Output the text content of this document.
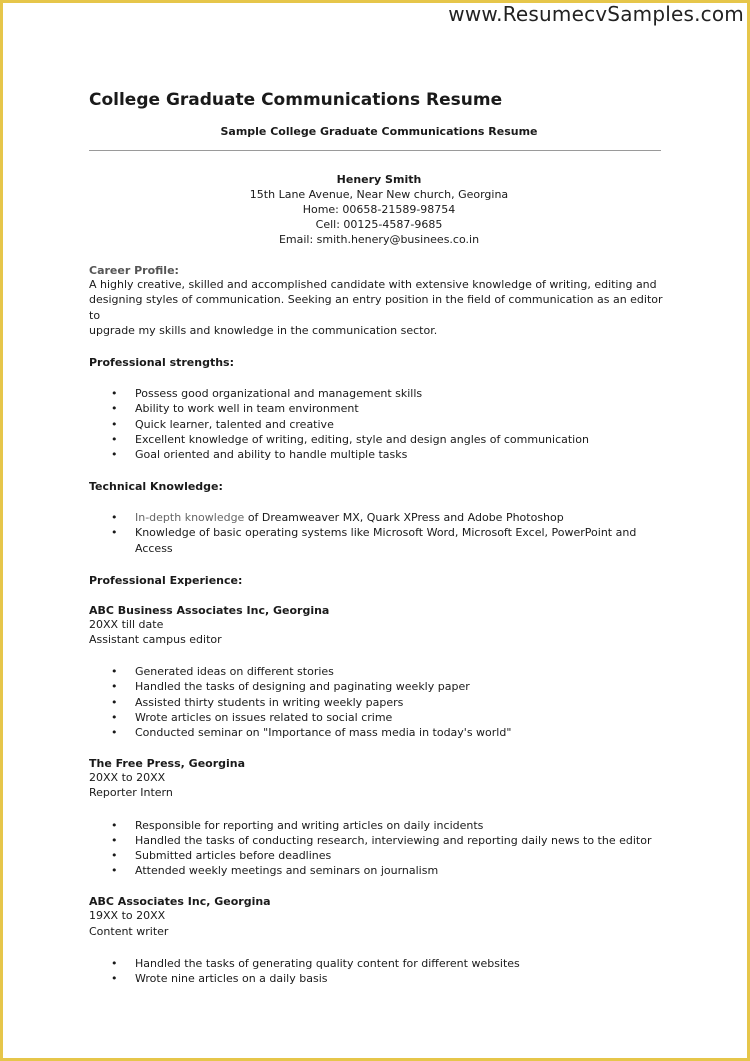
www.ResumecvSamples.com
College Graduate Communications Resume
Sample College Graduate Communications Resume
Henery Smith
15th Lane Avenue, Near New church, Georgina
Home: 00658-21589-98754
Cell: 00125-4587-9685
Email: smith.henery@businees.co.in
Career Profile:
A highly creative, skilled and accomplished candidate with extensive knowledge of writing, editing and
designing styles of communication. Seeking an entry position in the field of communication as an editor to
upgrade my skills and knowledge in the communication sector.
Professional strengths:
• Possess good organizational and management skills
• Ability to work well in team environment
• Quick learner, talented and creative
• Excellent knowledge of writing, editing, style and design angles of communication
• Goal oriented and ability to handle multiple tasks
Technical Knowledge:
• In-depth knowledge of Dreamweaver MX, Quark XPress and Adobe Photoshop
• Knowledge of basic operating systems like Microsoft Word, Microsoft Excel, PowerPoint and Access
Professional Experience:
ABC Business Associates Inc, Georgina
20XX till date
Assistant campus editor
• Generated ideas on different stories
• Handled the tasks of designing and paginating weekly paper
• Assisted thirty students in writing weekly papers
• Wrote articles on issues related to social crime
• Conducted seminar on "Importance of mass media in today's world"
The Free Press, Georgina
20XX to 20XX
Reporter Intern
• Responsible for reporting and writing articles on daily incidents
• Handled the tasks of conducting research, interviewing and reporting daily news to the editor
• Submitted articles before deadlines
• Attended weekly meetings and seminars on journalism
ABC Associates Inc, Georgina
19XX to 20XX
Content writer
• Handled the tasks of generating quality content for different websites
• Wrote nine articles on a daily basis
